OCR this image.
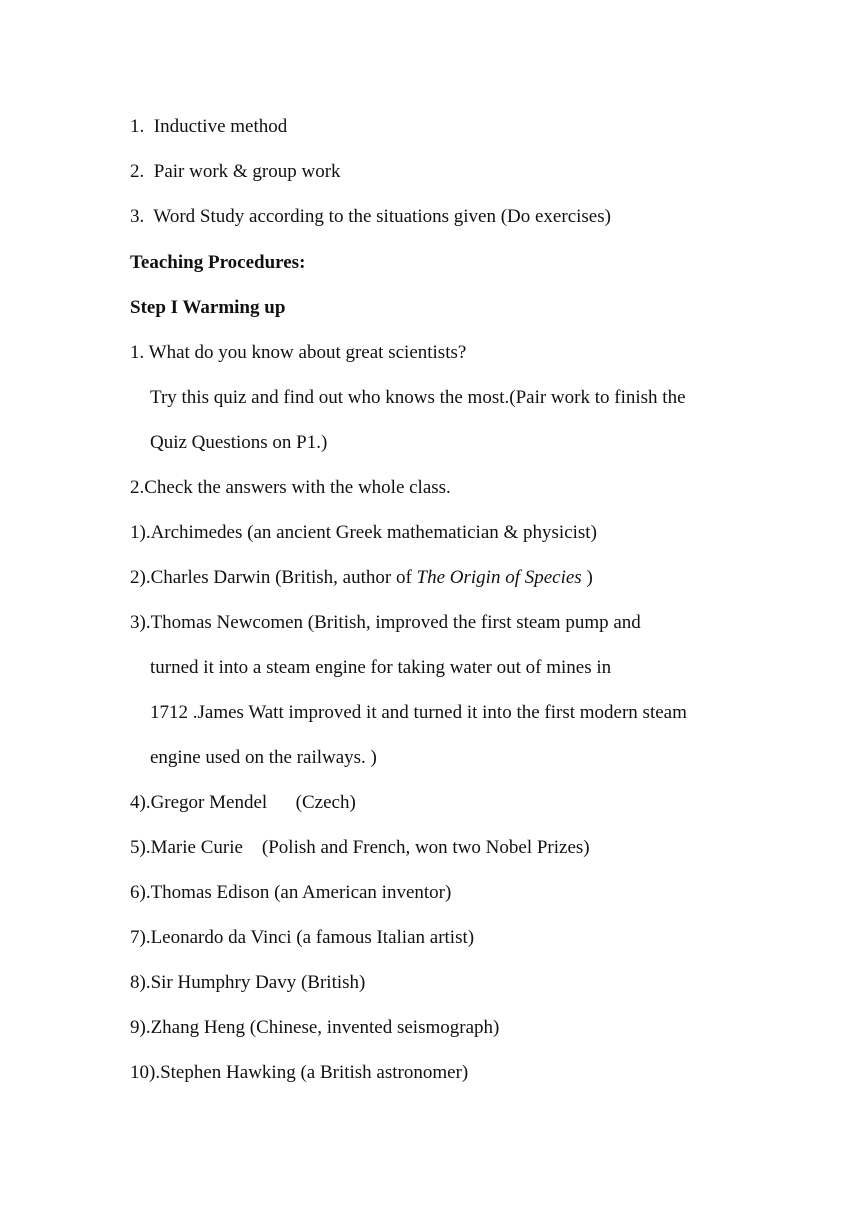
1. Inductive method
2. Pair work & group work
3. Word Study according to the situations given (Do exercises)
Teaching Procedures:
Step I Warming up
1. What do you know about great scientists?
Try this quiz and find out who knows the most.(Pair work to finish the
Quiz Questions on P1.)
2.Check the answers with the whole class.
1).Archimedes (an ancient Greek mathematician & physicist)
2).Charles Darwin (British, author of The Origin of Species )
3).Thomas Newcomen (British, improved the first steam pump and
turned it into a steam engine for taking water out of mines in
1712 .James Watt improved it and turned it into the first modern steam
engine used on the railways. )
4).Gregor Mendel      (Czech)
5).Marie Curie    (Polish and French, won two Nobel Prizes)
6).Thomas Edison (an American inventor)
7).Leonardo da Vinci (a famous Italian artist)
8).Sir Humphry Davy (British)
9).Zhang Heng (Chinese, invented seismograph)
10).Stephen Hawking (a British astronomer)
